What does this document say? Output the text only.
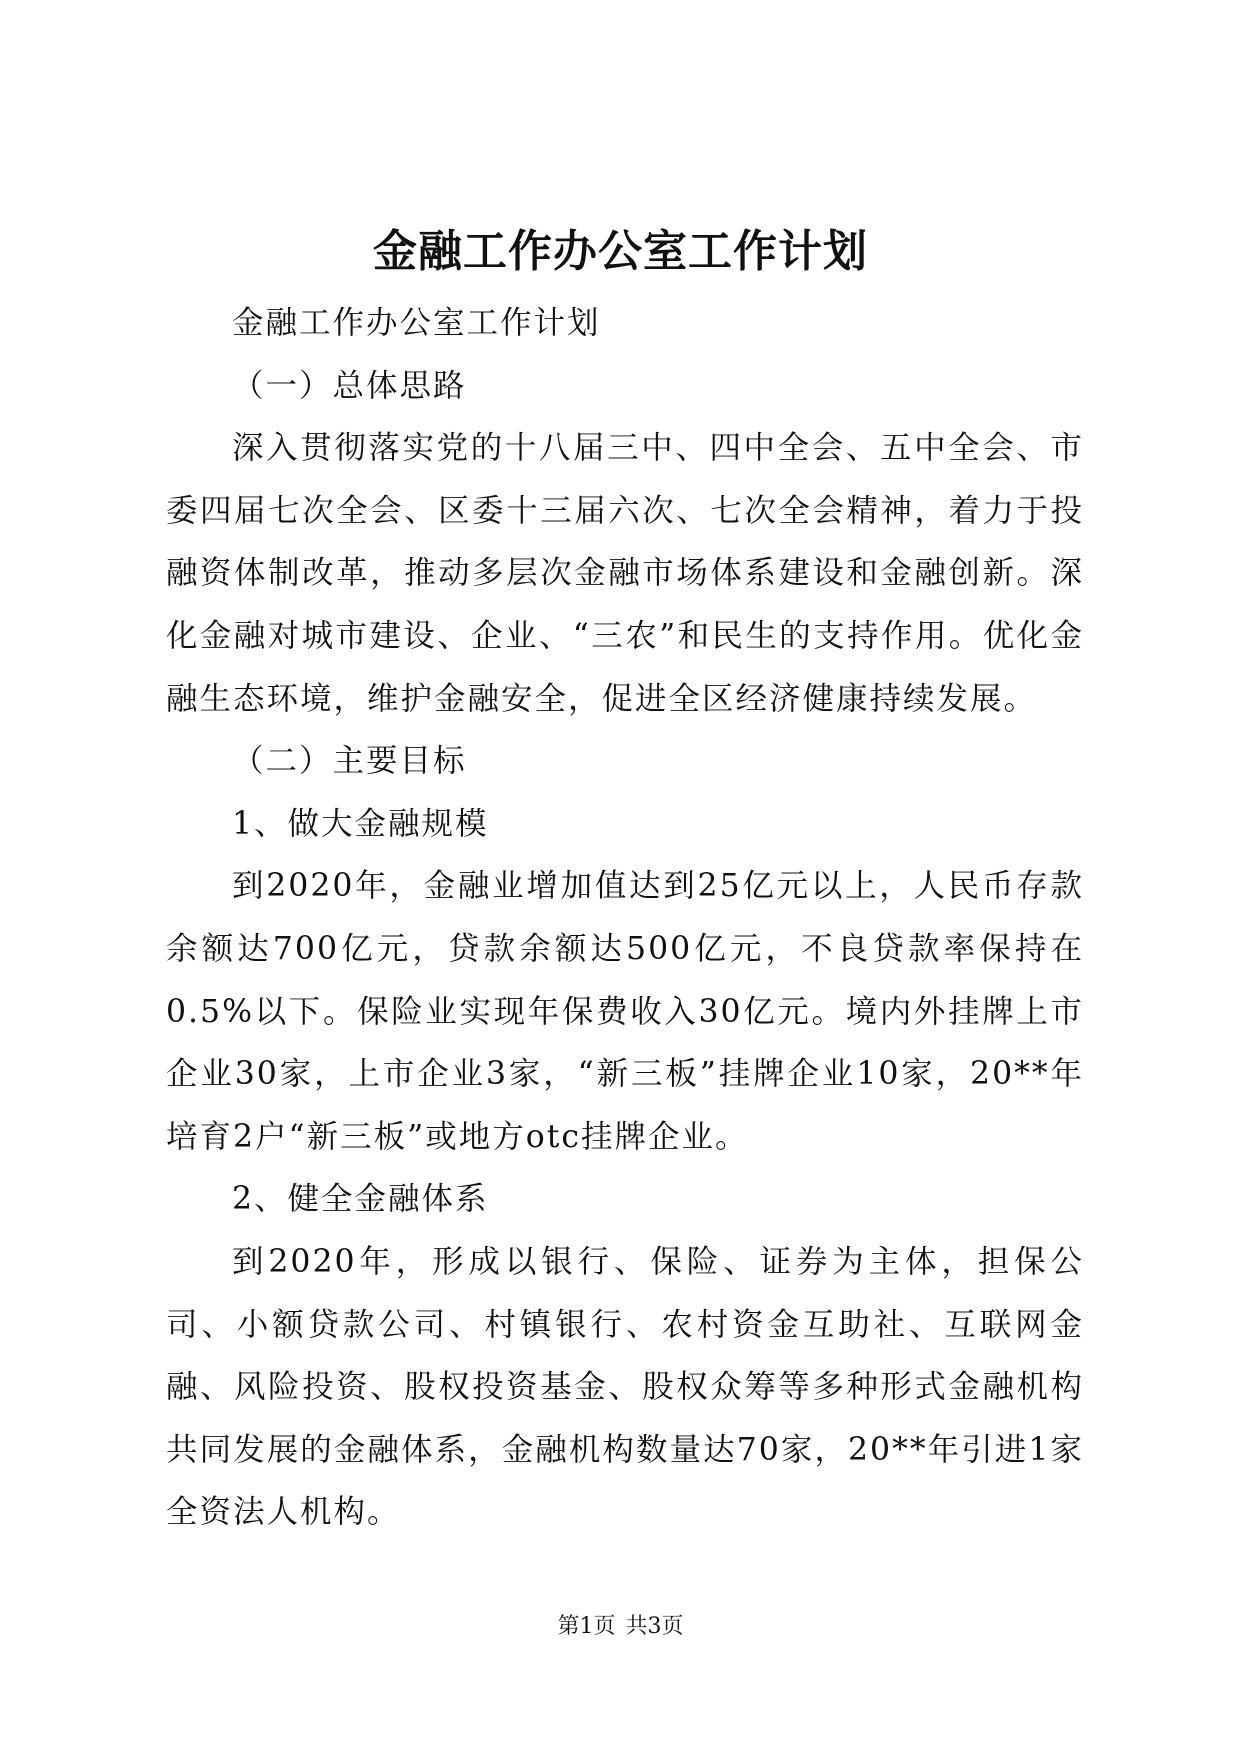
金融工作办公室工作计划

金融工作办公室工作计划

（一）总体思路

深入贯彻落实党的十八届三中、四中全会、五中全会、市委四届七次全会、区委十三届六次、七次全会精神，着力于投融资体制改革，推动多层次金融市场体系建设和金融创新。深化金融对城市建设、企业、“三农”和民生的支持作用。优化金融生态环境，维护金融安全，促进全区经济健康持续发展。

（二）主要目标

1、做大金融规模

到2020年，金融业增加值达到25亿元以上，人民币存款余额达700亿元，贷款余额达500亿元，不良贷款率保持在0.5%以下。保险业实现年保费收入30亿元。境内外挂牌上市企业30家，上市企业3家，“新三板”挂牌企业10家，20**年培育2户“新三板”或地方otc挂牌企业。

2、健全金融体系

到2020年，形成以银行、保险、证券为主体，担保公司、小额贷款公司、村镇银行、农村资金互助社、互联网金融、风险投资、股权投资基金、股权众筹等多种形式金融机构共同发展的金融体系，金融机构数量达70家，20**年引进1家全资法人机构。

第1页 共3页
